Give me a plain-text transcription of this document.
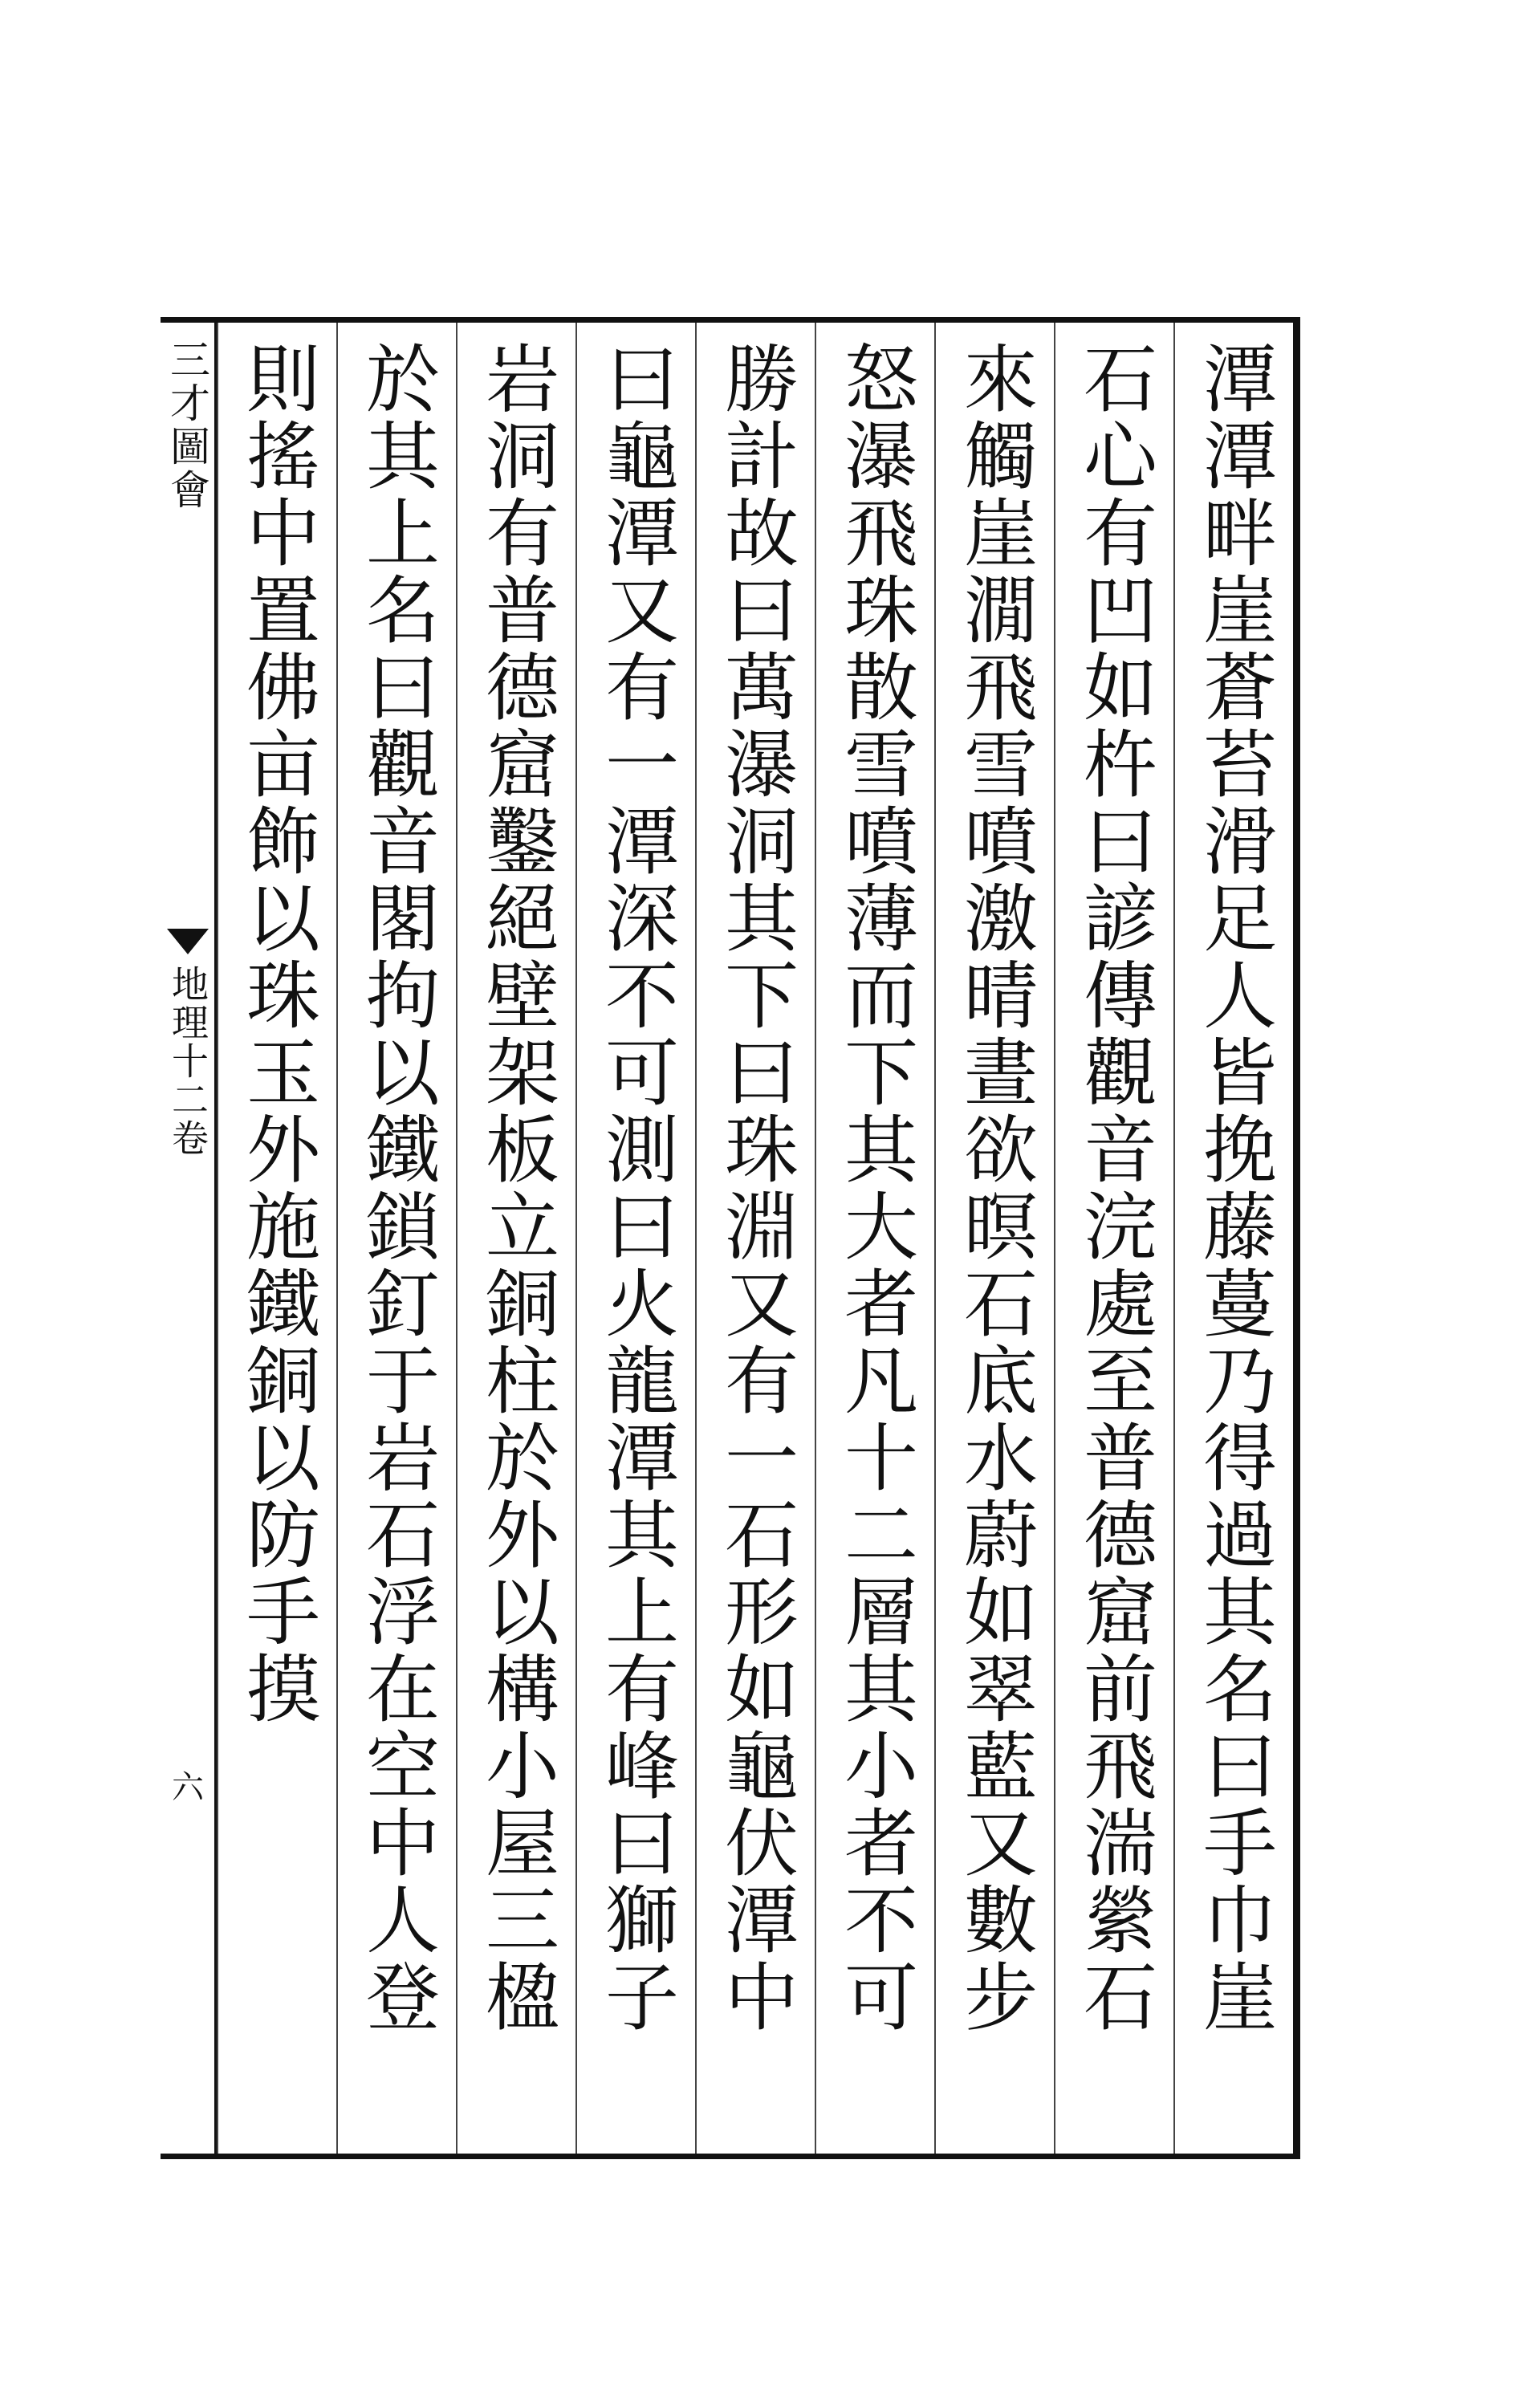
三才圖會
地理十二卷
六	潭潭畔崖蒼苔滑足人皆挽藤蔓乃得過其名曰手巾崖
石心有凹如杵曰諺傳觀音浣處至普德窟前飛湍縈石
來觸崖㵎飛雪噴激晴晝欲暝石底水蔚如翠藍又數步
怒瀑飛珠散雪噴薄而下其大者凡十二層其小者不可
勝計故曰萬瀑洞其下曰珠淵又有一石形如龜伏潭中
曰龜潭又有一潭深不可測曰火龍潭其上有峰曰獅子
岩洞有普德窟鑿絕壁架板立銅柱於外以構小屋三楹
於其上名曰觀音閣拘以鐵鎖釘于岩石浮在空中人登
則搖中置佛亩飾以珠玉外施鐵銅以防手摸
